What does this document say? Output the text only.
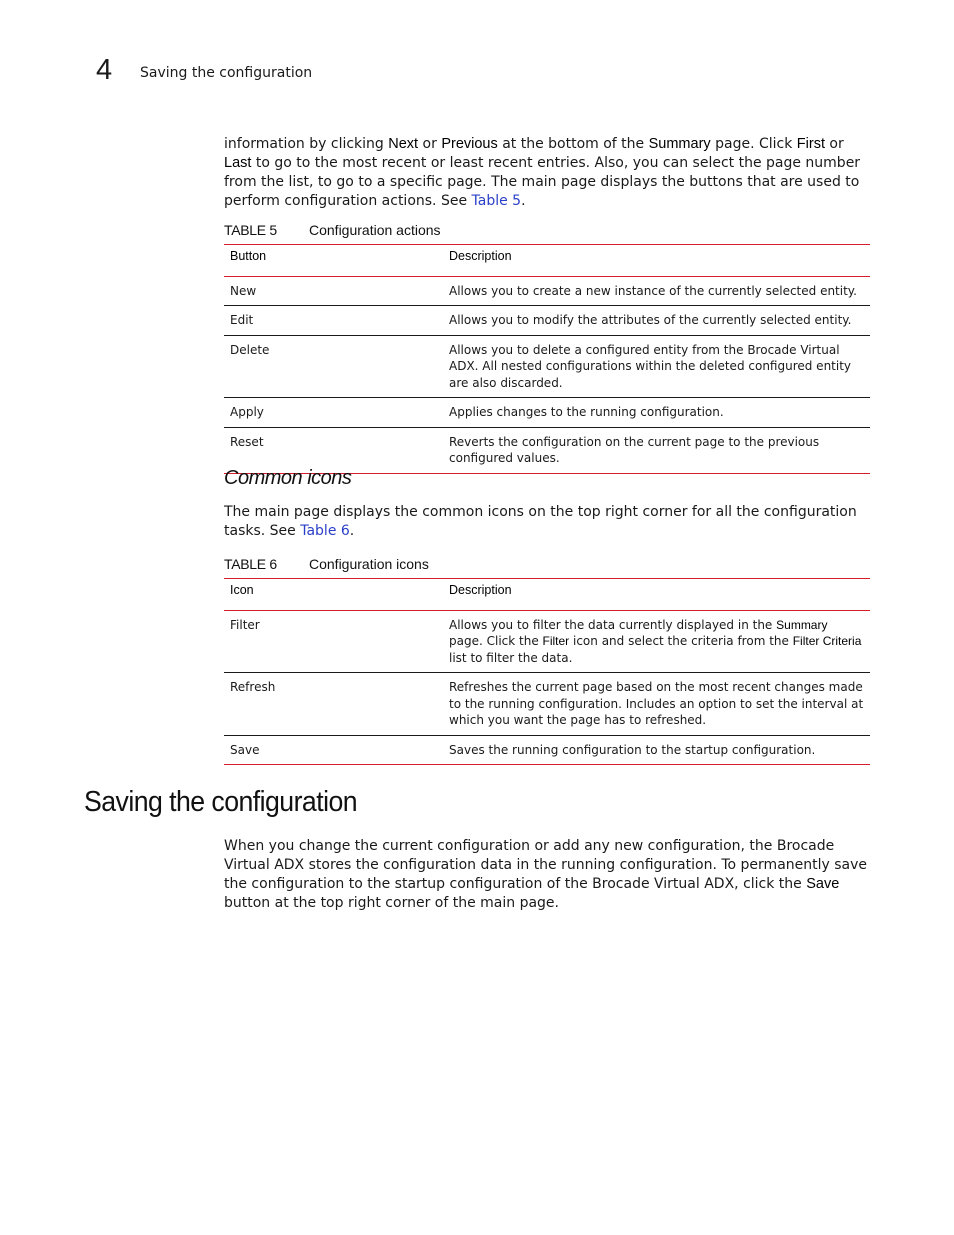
4 Saving the configuration

information by clicking Next or Previous at the bottom of the Summary page. Click First or Last to go to the most recent or least recent entries. Also, you can select the page number from the list, to go to a specific page. The main page displays the buttons that are used to perform configuration actions. See Table 5.

TABLE 5	Configuration actions
Button	Description
New	Allows you to create a new instance of the currently selected entity.
Edit	Allows you to modify the attributes of the currently selected entity.
Delete	Allows you to delete a configured entity from the Brocade Virtual ADX. All nested configurations within the deleted configured entity are also discarded.
Apply	Applies changes to the running configuration.
Reset	Reverts the configuration on the current page to the previous configured values.
Common icons

The main page displays the common icons on the top right corner for all the configuration tasks. See Table 6.

TABLE 6	Configuration icons
Icon	Description
Filter	Allows you to filter the data currently displayed in the Summary page. Click the Filter icon and select the criteria from the Filter Criteria list to filter the data.
Refresh	Refreshes the current page based on the most recent changes made to the running configuration. Includes an option to set the interval at which you want the page has to refreshed.
Save	Saves the running configuration to the startup configuration.
Saving the configuration

When you change the current configuration or add any new configuration, the Brocade Virtual ADX stores the configuration data in the running configuration. To permanently save the configuration to the startup configuration of the Brocade Virtual ADX, click the Save button at the top right corner of the main page.
